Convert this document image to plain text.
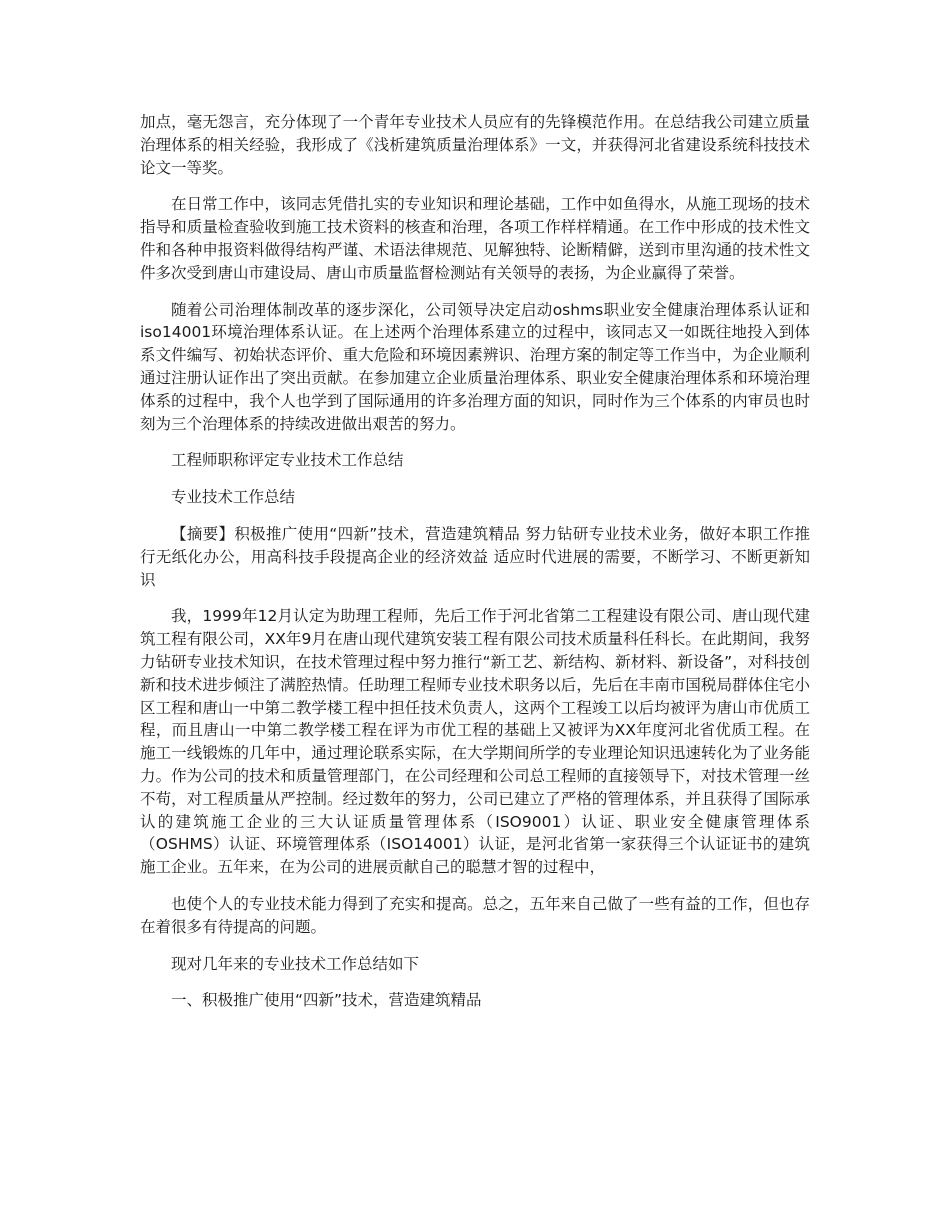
加点，毫无怨言，充分体现了一个青年专业技术人员应有的先锋模范作用。在总结我公司建立质量治理体系的相关经验，我形成了《浅析建筑质量治理体系》一文，并获得河北省建设系统科技技术论文一等奖。

在日常工作中，该同志凭借扎实的专业知识和理论基础，工作中如鱼得水，从施工现场的技术指导和质量检查验收到施工技术资料的核查和治理，各项工作样样精通。在工作中形成的技术性文件和各种申报资料做得结构严谨、术语法律规范、见解独特、论断精僻，送到市里沟通的技术性文件多次受到唐山市建设局、唐山市质量监督检测站有关领导的表扬，为企业赢得了荣誉。

随着公司治理体制改革的逐步深化，公司领导决定启动oshms职业安全健康治理体系认证和iso14001环境治理体系认证。在上述两个治理体系建立的过程中，该同志又一如既往地投入到体系文件编写、初始状态评价、重大危险和环境因素辨识、治理方案的制定等工作当中，为企业顺利通过注册认证作出了突出贡献。在参加建立企业质量治理体系、职业安全健康治理体系和环境治理体系的过程中，我个人也学到了国际通用的许多治理方面的知识，同时作为三个体系的内审员也时刻为三个治理体系的持续改进做出艰苦的努力。

工程师职称评定专业技术工作总结

专业技术工作总结

【摘要】积极推广使用“四新”技术，营造建筑精品 努力钻研专业技术业务，做好本职工作推行无纸化办公，用高科技手段提高企业的经济效益 适应时代进展的需要，不断学习、不断更新知识

我，1999年12月认定为助理工程师，先后工作于河北省第二工程建设有限公司、唐山现代建筑工程有限公司，XX年9月在唐山现代建筑安装工程有限公司技术质量科任科长。在此期间，我努力钻研专业技术知识，在技术管理过程中努力推行“新工艺、新结构、新材料、新设备”，对科技创新和技术进步倾注了满腔热情。任助理工程师专业技术职务以后，先后在丰南市国税局群体住宅小区工程和唐山一中第二教学楼工程中担任技术负责人，这两个工程竣工以后均被评为唐山市优质工程，而且唐山一中第二教学楼工程在评为市优工程的基础上又被评为XX年度河北省优质工程。在施工一线锻炼的几年中，通过理论联系实际，在大学期间所学的专业理论知识迅速转化为了业务能力。作为公司的技术和质量管理部门，在公司经理和公司总工程师的直接领导下，对技术管理一丝不苟，对工程质量从严控制。经过数年的努力，公司已建立了严格的管理体系，并且获得了国际承认的建筑施工企业的三大认证质量管理体系（ISO9001）认证、职业安全健康管理体系（OSHMS）认证、环境管理体系（ISO14001）认证，是河北省第一家获得三个认证证书的建筑施工企业。五年来，在为公司的进展贡献自己的聪慧才智的过程中，

也使个人的专业技术能力得到了充实和提高。总之，五年来自己做了一些有益的工作，但也存在着很多有待提高的问题。

现对几年来的专业技术工作总结如下

一、积极推广使用“四新”技术，营造建筑精品
